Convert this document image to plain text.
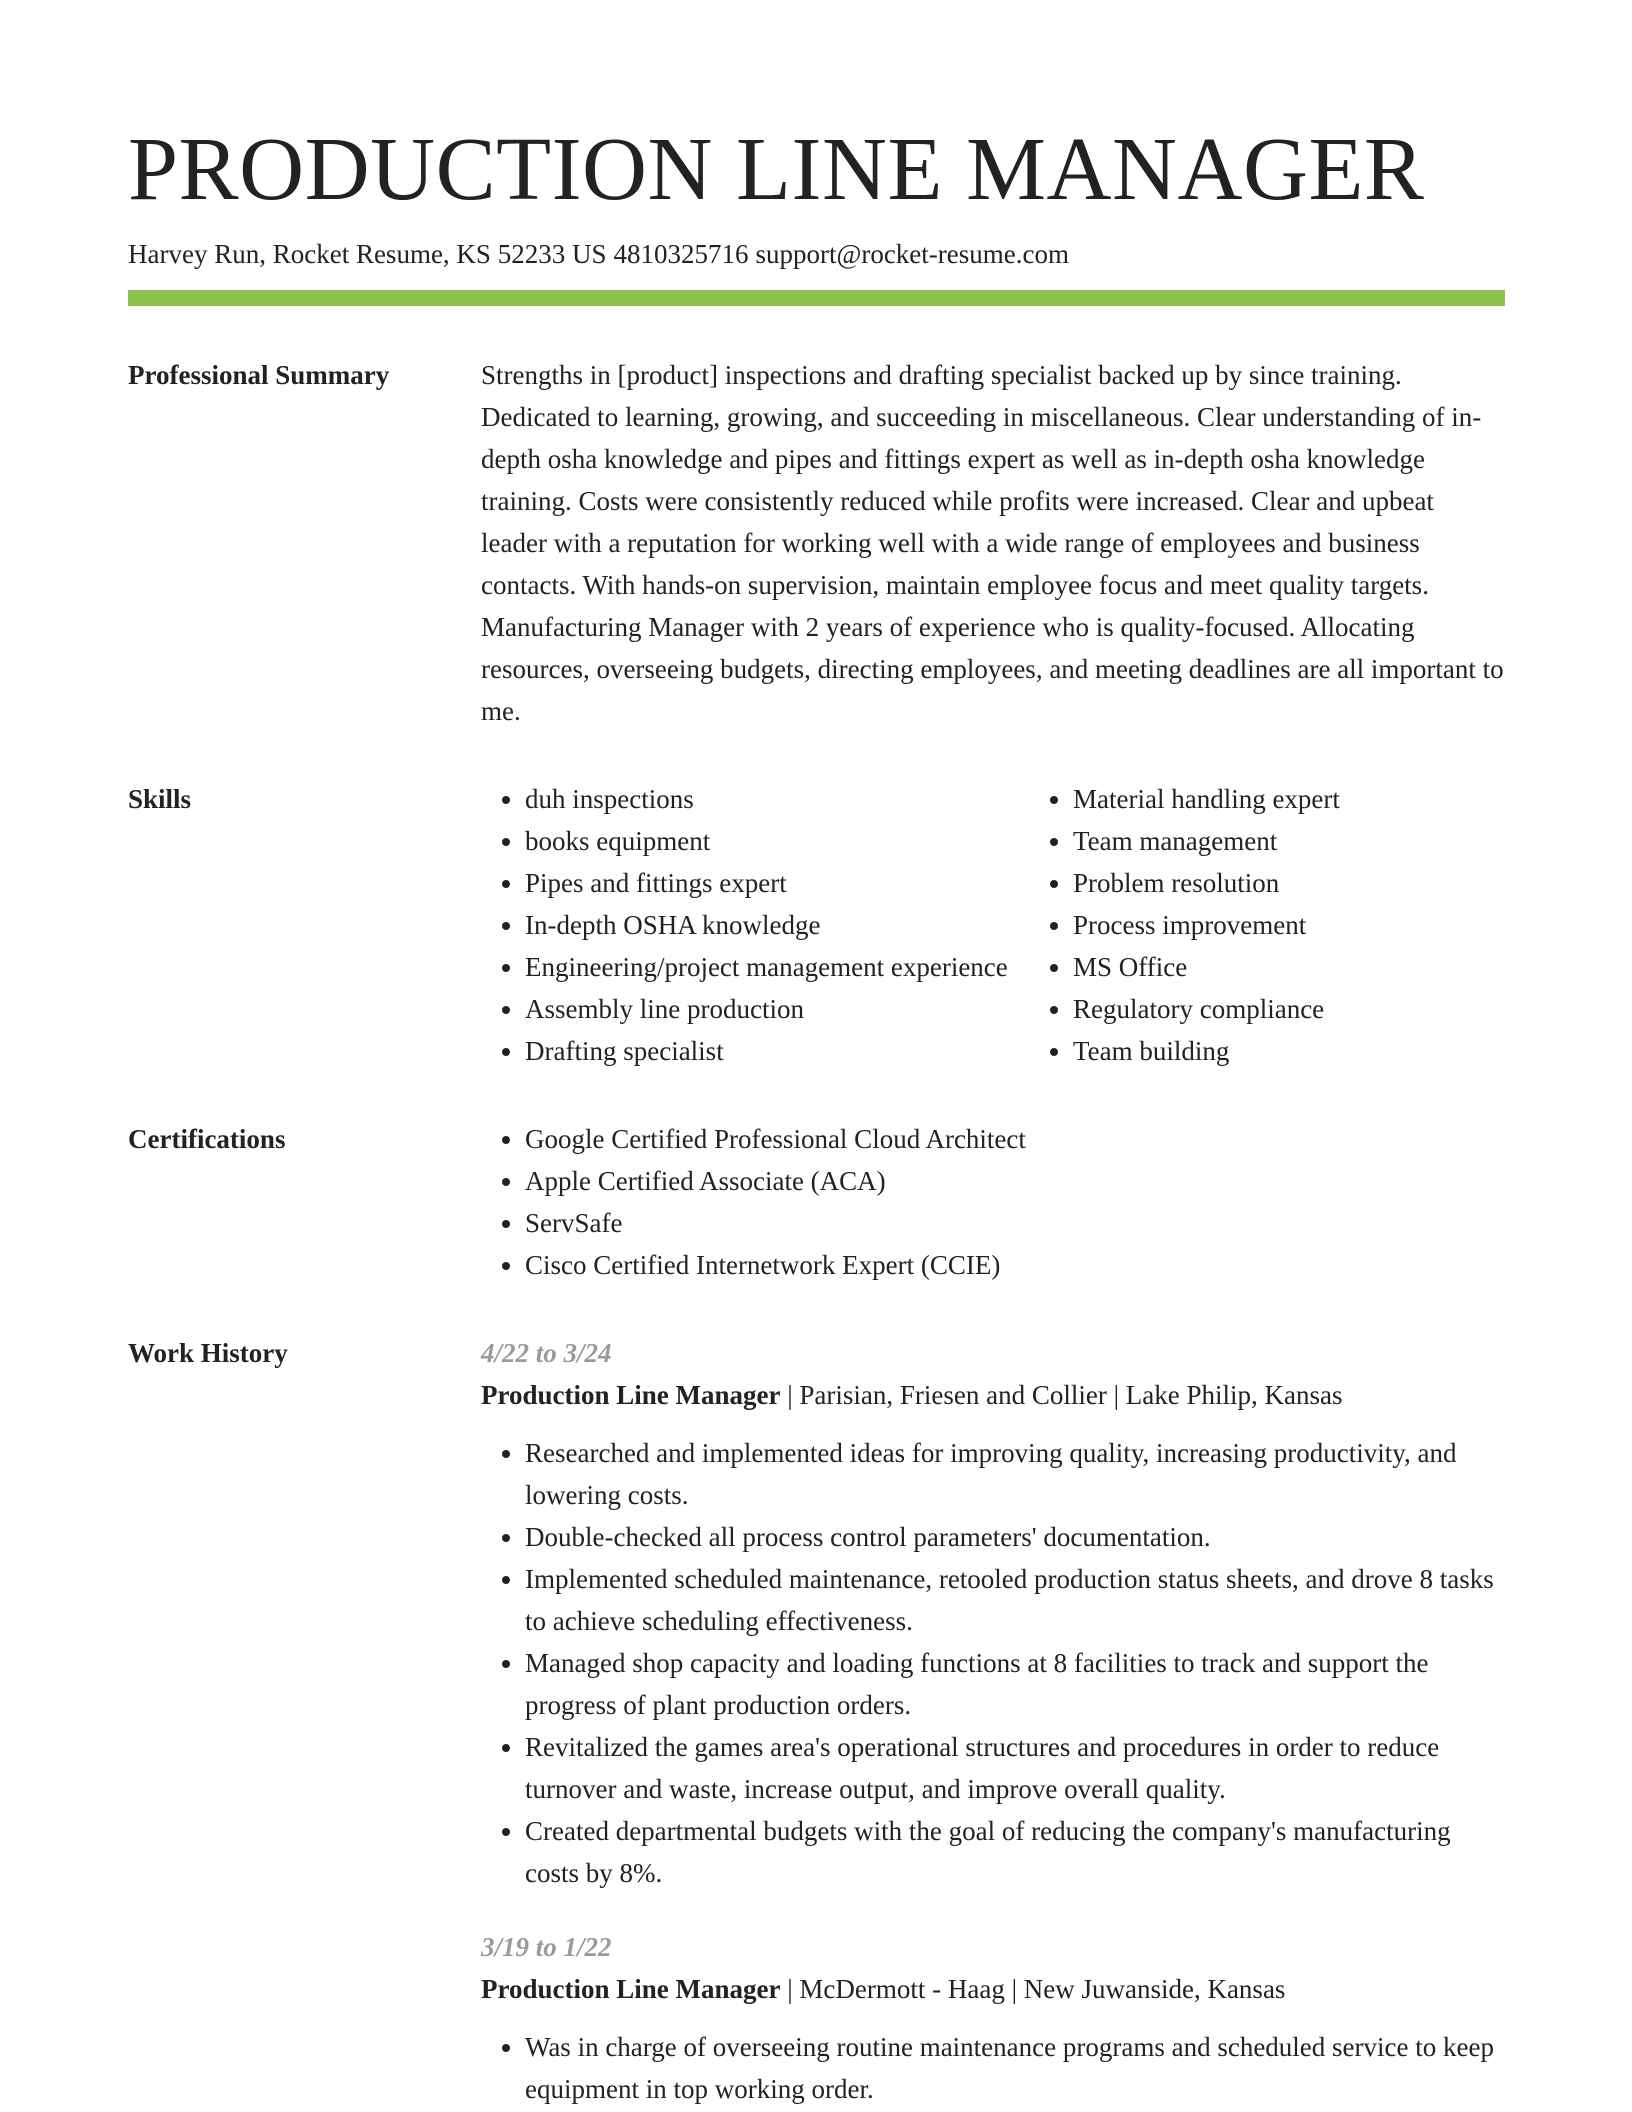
PRODUCTION LINE MANAGER
Harvey Run, Rocket Resume, KS 52233 US 4810325716 support@rocket-resume.com
Professional Summary	Strengths in [product] inspections and drafting specialist backed up by since training. Dedicated to learning, growing, and succeeding in miscellaneous. Clear understanding of in-depth osha knowledge and pipes and fittings expert as well as in-depth osha knowledge training. Costs were consistently reduced while profits were increased. Clear and upbeat leader with a reputation for working well with a wide range of employees and business contacts. With hands-on supervision, maintain employee focus and meet quality targets. Manufacturing Manager with 2 years of experience who is quality-focused. Allocating resources, overseeing budgets, directing employees, and meeting deadlines are all important to me.

Skills	• duh inspections
• books equipment
• Pipes and fittings expert
• In-depth OSHA knowledge
• Engineering/project management experience
• Assembly line production
• Drafting specialist
• Material handling expert
• Team management
• Problem resolution
• Process improvement
• MS Office
• Regulatory compliance
• Team building
Certifications	• Google Certified Professional Cloud Architect
• Apple Certified Associate (ACA)
• ServSafe
• Cisco Certified Internetwork Expert (CCIE)
Work History	4/22 to 3/24
Production Line Manager | Parisian, Friesen and Collier | Lake Philip, Kansas
• Researched and implemented ideas for improving quality, increasing productivity, and lowering costs.
• Double-checked all process control parameters' documentation.
• Implemented scheduled maintenance, retooled production status sheets, and drove 8 tasks to achieve scheduling effectiveness.
• Managed shop capacity and loading functions at 8 facilities to track and support the progress of plant production orders.
• Revitalized the games area's operational structures and procedures in order to reduce turnover and waste, increase output, and improve overall quality.
• Created departmental budgets with the goal of reducing the company's manufacturing costs by 8%.
3/19 to 1/22
Production Line Manager | McDermott - Haag | New Juwanside, Kansas
• Was in charge of overseeing routine maintenance programs and scheduled service to keep equipment in top working order.
